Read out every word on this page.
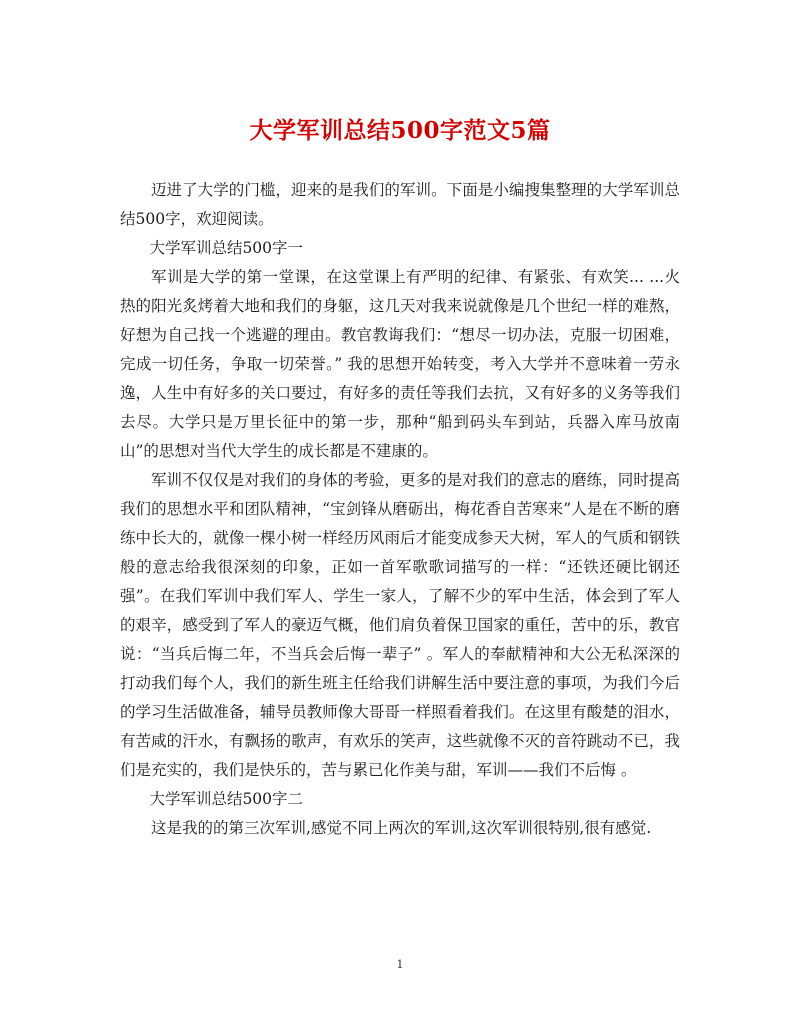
大学军训总结500字范文5篇

迈进了大学的门槛，迎来的是我们的军训。下面是小编搜集整理的大学军训总结500字，欢迎阅读。

大学军训总结500字一

军训是大学的第一堂课，在这堂课上有严明的纪律、有紧张、有欢笑... ...火热的阳光炙烤着大地和我们的身躯，这几天对我来说就像是几个世纪一样的难熬，好想为自己找一个逃避的理由。教官教诲我们：“想尽一切办法，克服一切困难，完成一切任务，争取一切荣誉。” 我的思想开始转变，考入大学并不意味着一劳永逸，人生中有好多的关口要过，有好多的责任等我们去抗，又有好多的义务等我们去尽。大学只是万里长征中的第一步，那种“船到码头车到站，兵器入库马放南山”的思想对当代大学生的成长都是不建康的。

军训不仅仅是对我们的身体的考验，更多的是对我们的意志的磨练，同时提高我们的思想水平和团队精神，“宝剑锋从磨砺出，梅花香自苦寒来”人是在不断的磨练中长大的，就像一棵小树一样经历风雨后才能变成参天大树，军人的气质和钢铁般的意志给我很深刻的印象，正如一首军歌歌词描写的一样：“还铁还硬比钢还强”。在我们军训中我们军人、学生一家人，了解不少的军中生活，体会到了军人的艰辛，感受到了军人的豪迈气概，他们肩负着保卫国家的重任，苦中的乐，教官说：“当兵后悔二年，不当兵会后悔一辈子” 。军人的奉献精神和大公无私深深的打动我们每个人，我们的新生班主任给我们讲解生活中要注意的事项，为我们今后的学习生活做准备，辅导员教师像大哥哥一样照看着我们。在这里有酸楚的泪水，有苦咸的汗水，有飘扬的歌声，有欢乐的笑声，这些就像不灭的音符跳动不已，我们是充实的，我们是快乐的，苦与累已化作美与甜，军训——我们不后悔 。

大学军训总结500字二

这是我的的第三次军训,感觉不同上两次的军训,这次军训很特别,很有感觉.

1
